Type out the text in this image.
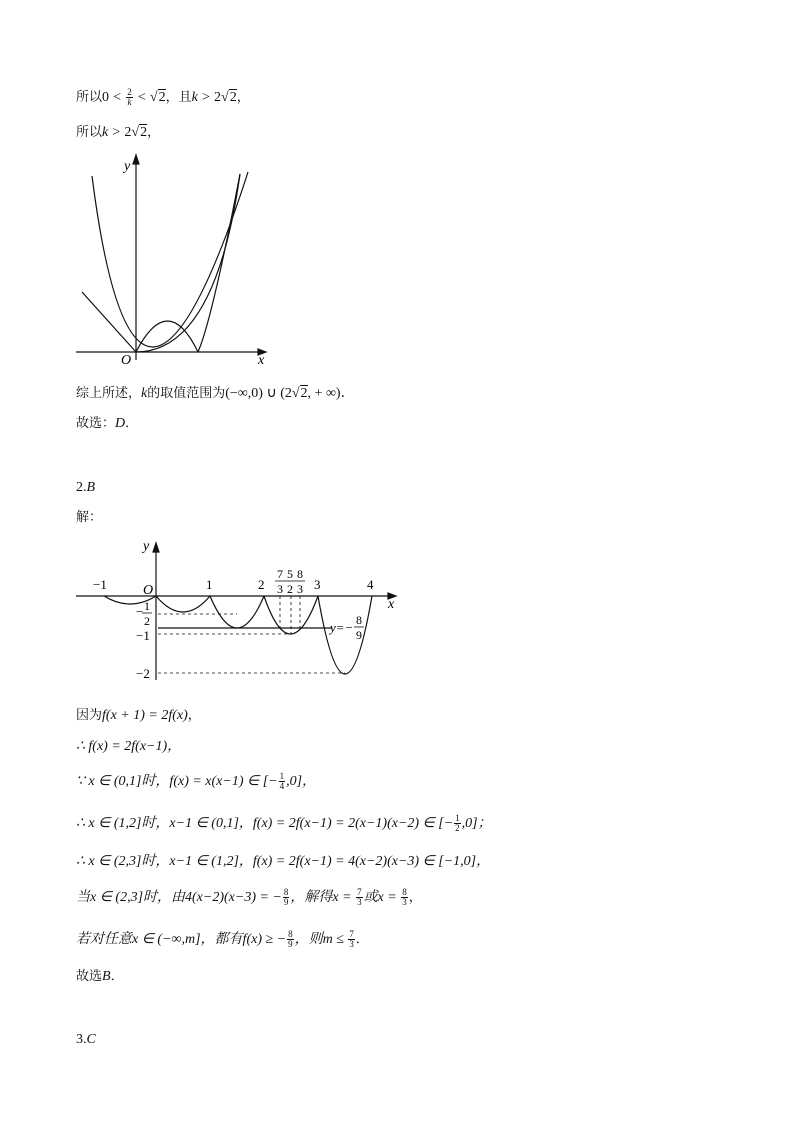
所以$0 < \frac{2}{k} < √2$，且k > 2√2，
所以k > 2√2，
y
x
O
综上所述，k的取值范围为(−∞,0) ∪ (2√2, + ∞)．
故选：D．
2.B
解：
y
x
O
−1	1	2	3	4
7
3
5
2
8
3
− 1
2
−1
−2
y=− 8
9
因为f(x + 1) = 2f(x)，
∴ f(x) = 2f(x−1)，
∵ x ∈ (0,1]时，f(x) = x(x−1) ∈ [− $\frac{1}{4} ,0$]，
∴ x ∈ (1,2]时，x−1 ∈ (0,1]，f(x) = 2f(x−1) = 2(x−1)(x−2) ∈ [− $\frac{1}{2} ,0$]；
∴ x ∈ (2,3]时，x−1 ∈ (1,2]，f(x) = 2f(x−1) = 4(x−2)(x−3) ∈ [−1,0]，
当x ∈ (2,3]时，由4(x−2)(x−3) = − $\frac{8}{9}$ ，解得$x = \frac{7}{3}$ 或$x = \frac{8}{3}$ ，
若对任意x ∈ (−∞,m]，都有f(x) ≥ − $\frac{8}{9}$ ，则$m \le \frac{7}{3}$ ．
故选B．
3.C
